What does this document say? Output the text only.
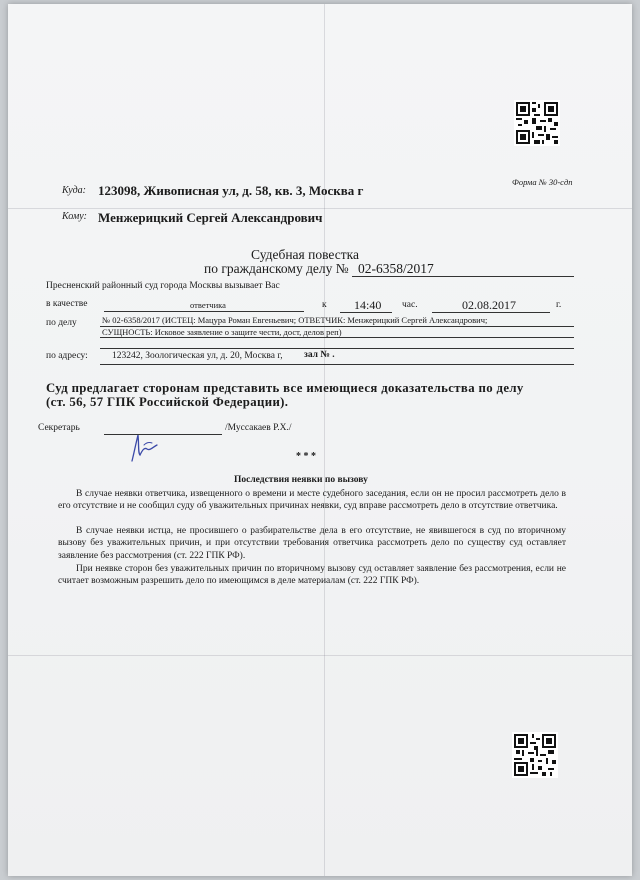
Форма № 30-сдп
Куда: 123098, Живописная ул, д. 58, кв. 3, Москва г
Кому: Менжерицкий Сергей Александрович
Судебная повестка
по гражданскому делу № 02-6358/2017
Пресненский районный суд города Москвы вызывает Вас
в качестве	ответчика	к 14:40 час.	02.08.2017	г.
по делу	№ 02-6358/2017 (ИСТЕЦ: Мацура Роман Евгеньевич; ОТВЕТЧИК: Менжерицкий Сергей Александрович;
СУЩНОСТЬ: Исковое заявление о защите чести, дост, делов реп)
по адресу:	123242, Зоологическая ул, д. 20, Москва г, зал № .
Суд предлагает сторонам представить все имеющиеся доказательства по делу
(ст. 56, 57 ГПК Российской Федерации).
Секретарь	/Муссакаев Р.Х./
* * *
Последствия неявки по вызову
В случае неявки ответчика, извещенного о времени и месте судебного заседания, если он не просил рассмотреть дело в его отсутствие и не сообщил суду об уважительных причинах неявки, суд вправе рассмотреть дело в отсутствие ответчика.
В случае неявки истца, не просившего о разбирательстве дела в его отсутствие, не явившегося в суд по вторичному вызову без уважительных причин, и при отсутствии требования ответчика рассмотреть дело по существу суд оставляет заявление без рассмотрения (ст. 222 ГПК РФ).
При неявке сторон без уважительных причин по вторичному вызову суд оставляет заявление без рассмотрения, если не считает возможным разрешить дело по имеющимся в деле материалам (ст. 222 ГПК РФ).
